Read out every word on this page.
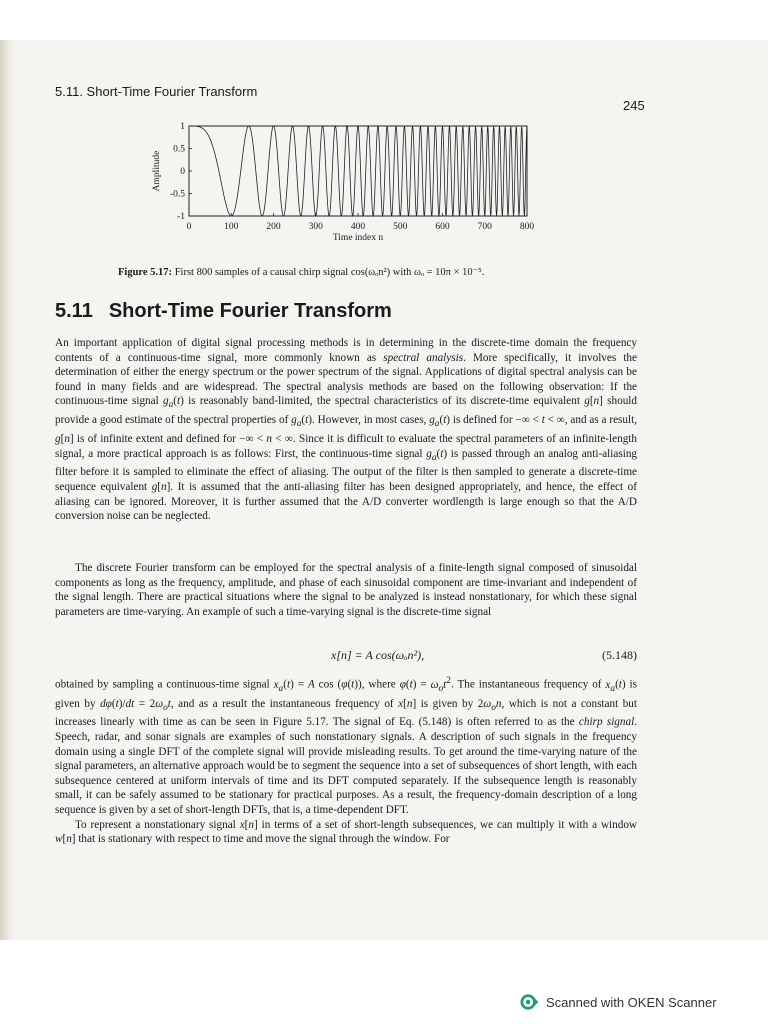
5.11. Short-Time Fourier Transform
245
0	100	200	300	400	500	600	700	800
1
0.5
0
-0.5
-1
Time index n
Amplitude
Figure 5.17: First 800 samples of a causal chirp signal cos(ωₒn²) with ωₒ = 10π × 10⁻⁵.
5.11 Short-Time Fourier Transform

An important application of digital signal processing methods is in determining in the discrete-time domain the frequency contents of a continuous-time signal, more commonly known as spectral analysis. More specifically, it involves the determination of either the energy spectrum or the power spectrum of the signal. Applications of digital spectral analysis can be found in many fields and are widespread. The spectral analysis methods are based on the following observation: If the continuous-time signal $g_a(t)$ is reasonably band-limited, the spectral characteristics of its discrete-time equivalent g[n] should provide a good estimate of the spectral properties of $g_a(t)$. However, in most cases, $g_a(t)$ is defined for −∞ < t < ∞, and as a result, g[n] is of infinite extent and defined for −∞ < n < ∞. Since it is difficult to evaluate the spectral parameters of an infinite-length signal, a more practical approach is as follows: First, the continuous-time signal $g_a(t)$ is passed through an analog anti-aliasing filter before it is sampled to eliminate the effect of aliasing. The output of the filter is then sampled to generate a discrete-time sequence equivalent g[n]. It is assumed that the anti-aliasing filter has been designed appropriately, and hence, the effect of aliasing can be ignored. Moreover, it is further assumed that the A/D converter wordlength is large enough so that the A/D conversion noise can be neglected.

The discrete Fourier transform can be employed for the spectral analysis of a finite-length signal composed of sinusoidal components as long as the frequency, amplitude, and phase of each sinusoidal component are time-invariant and independent of the signal length. There are practical situations where the signal to be analyzed is instead nonstationary, for which these signal parameters are time-varying. An example of such a time-varying signal is the discrete-time signal

x[n] = A cos(ωₒn²),	(5.148)

obtained by sampling a continuous-time signal $x_a(t) = A$ cos (φ(t)), where $\varphi(t) = \omega_ot^2$. The instantaneous frequency of $x_a(t)$ is given by $d\varphi(t)/dt = 2\omega_ot$, and as a result the instantaneous frequency of x[n] is given by $2\omega_on$, which is not a constant but increases linearly with time as can be seen in Figure 5.17. The signal of Eq. (5.148) is often referred to as the chirp signal. Speech, radar, and sonar signals are examples of such nonstationary signals. A description of such signals in the frequency domain using a single DFT of the complete signal will provide misleading results. To get around the time-varying nature of the signal parameters, an alternative approach would be to segment the sequence into a set of subsequences of short length, with each subsequence centered at uniform intervals of time and its DFT computed separately. If the subsequence length is reasonably small, it can be safely assumed to be stationary for practical purposes. As a result, the frequency-domain description of a long sequence is given by a set of short-length DFTs, that is, a time-dependent DFT.

To represent a nonstationary signal x[n] in terms of a set of short-length subsequences, we can multiply it with a window w[n] that is stationary with respect to time and move the signal through the window. For

Scanned with OKEN Scanner
